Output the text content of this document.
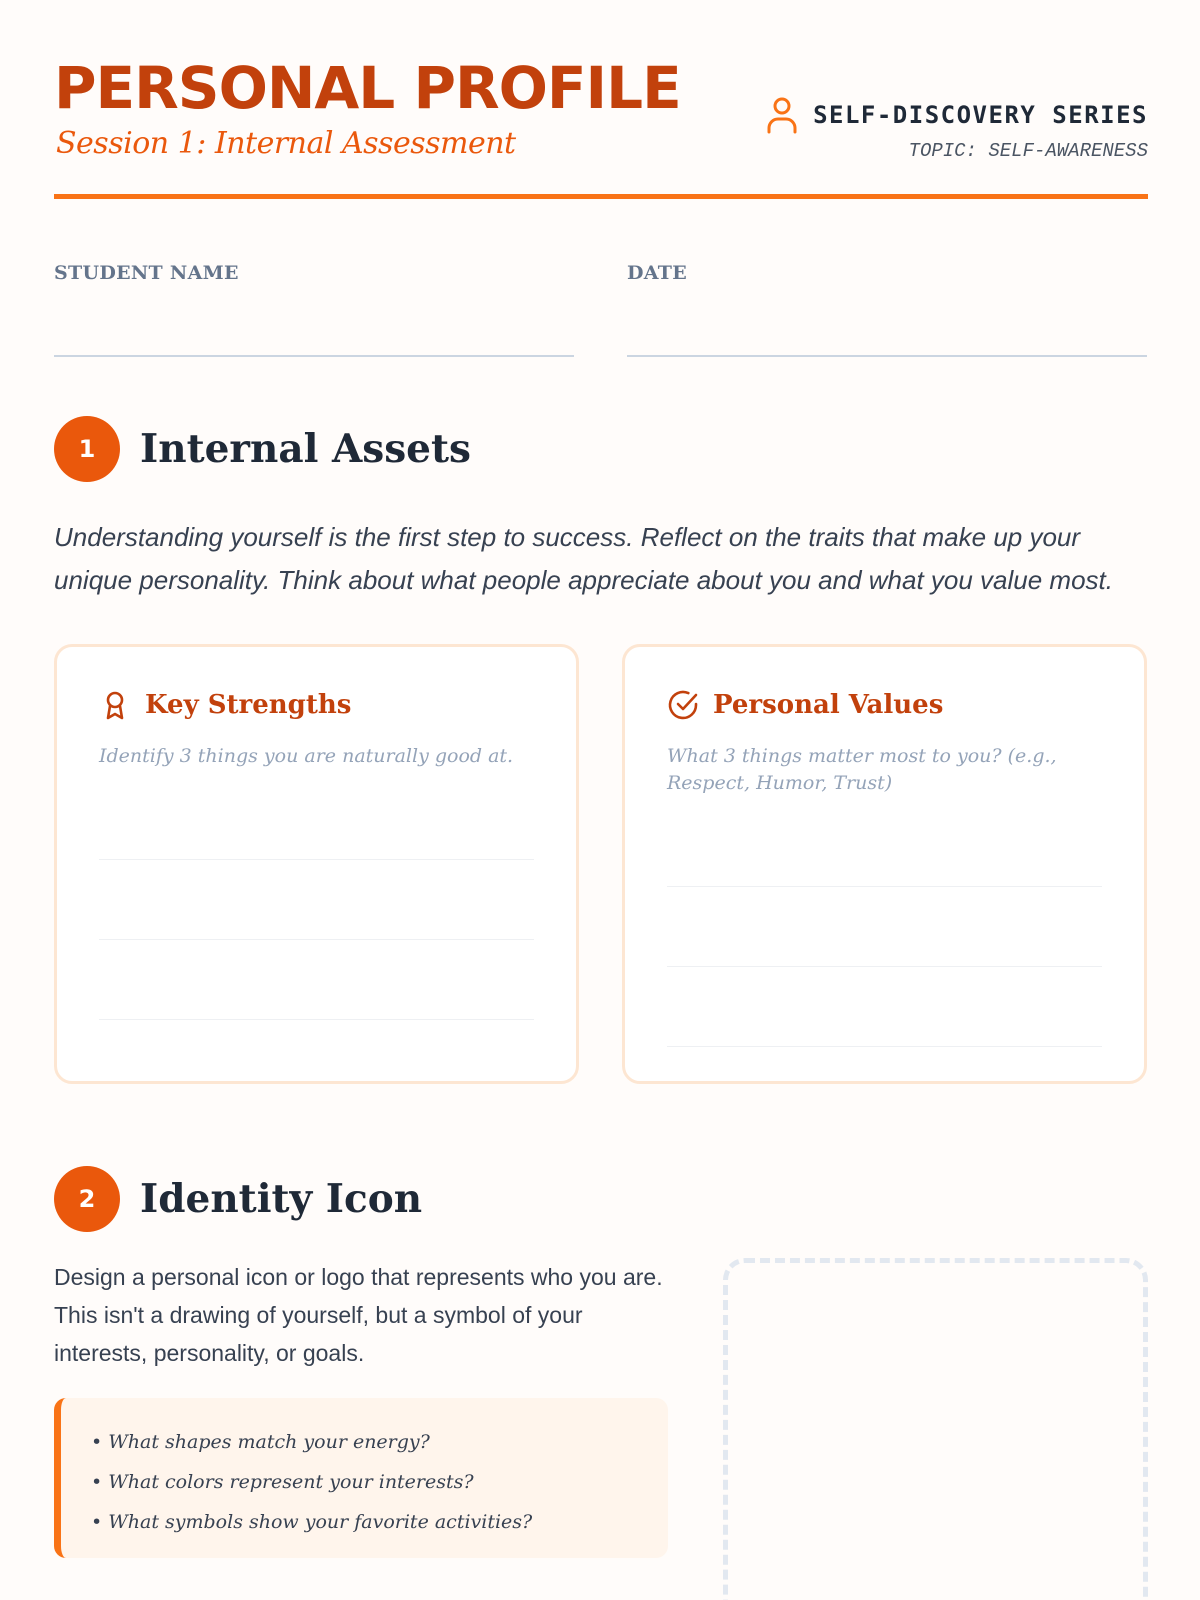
PERSONAL PROFILE
Session 1: Internal Assessment
SELF-DISCOVERY SERIES
TOPIC: SELF-AWARENESS
STUDENT NAME	DATE
1	Internal Assets
Understanding yourself is the first step to success. Reflect on the traits that make up your unique personality. Think about what people appreciate about you and what you value most.
Key Strengths
Identify 3 things you are naturally good at.
Personal Values
What 3 things matter most to you? (e.g., Respect, Humor, Trust)
2	Identity Icon
Design a personal icon or logo that represents who you are. This isn't a drawing of yourself, but a symbol of your interests, personality, or goals.
• What shapes match your energy?
• What colors represent your interests?
• What symbols show your favorite activities?
